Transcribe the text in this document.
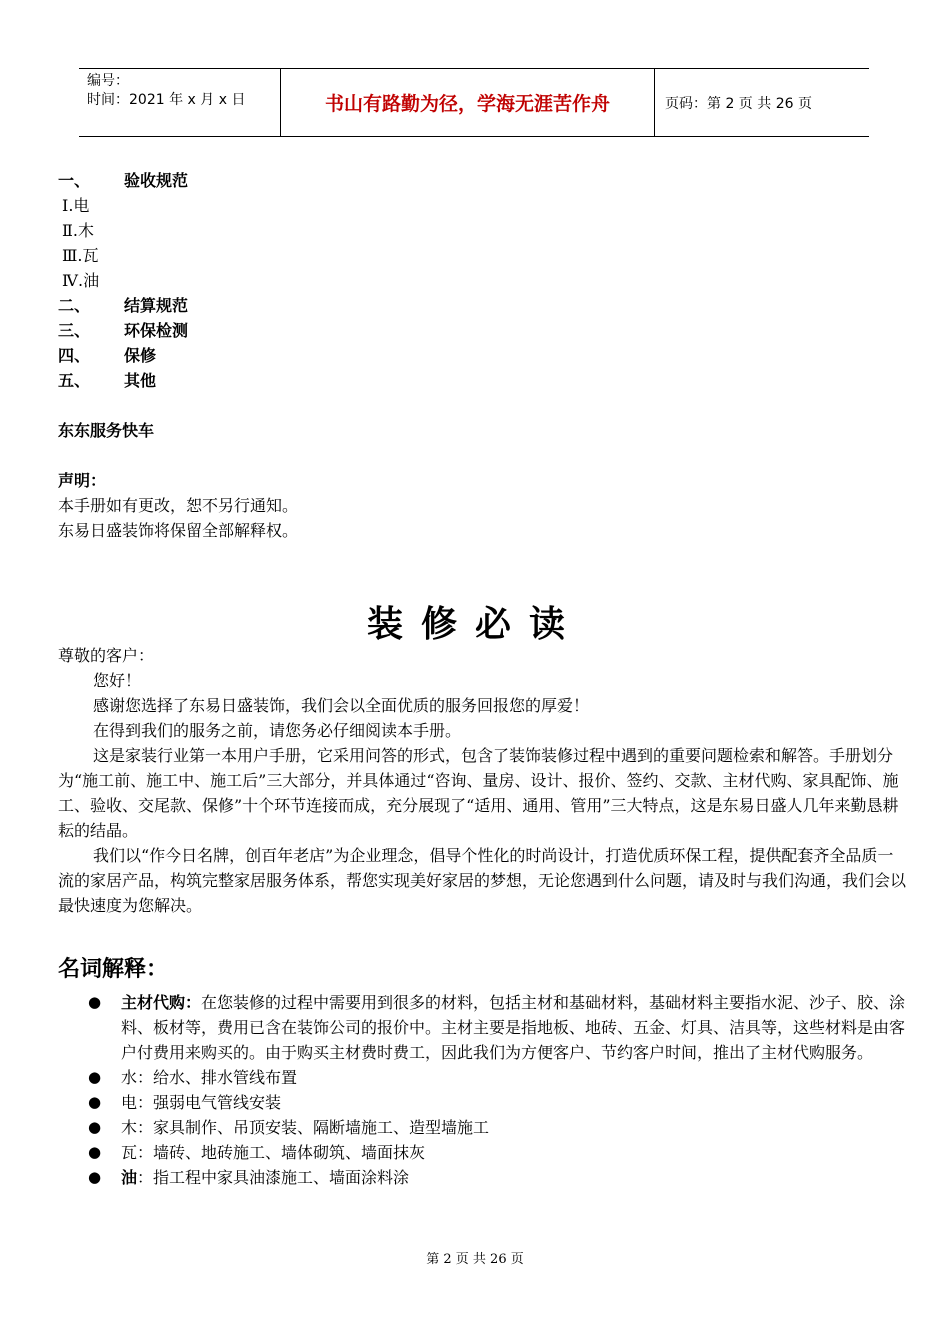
编号：
时间：2021 年 x 月 x 日	书山有路勤为径，学海无涯苦作舟	页码：第 2 页 共 26 页
一、 验收规范
Ⅰ.电
Ⅱ.木
Ⅲ.瓦
Ⅳ.油
二、 结算规范
三、 环保检测
四、 保修
五、 其他
东东服务快车
声明：
本手册如有更改，恕不另行通知。
东易日盛装饰将保留全部解释权。
装修必读

尊敬的客户：

您好！

感谢您选择了东易日盛装饰，我们会以全面优质的服务回报您的厚爱！

在得到我们的服务之前，请您务必仔细阅读本手册。

这是家装行业第一本用户手册，它采用问答的形式，包含了装饰装修过程中遇到的重要问题检索和解答。手册划分为“施工前、施工中、施工后”三大部分，并具体通过“咨询、量房、设计、报价、签约、交款、主材代购、家具配饰、施工、验收、交尾款、保修”十个环节连接而成，充分展现了“适用、通用、管用”三大特点，这是东易日盛人几年来勤恳耕耘的结晶。

我们以“作今日名牌，创百年老店”为企业理念，倡导个性化的时尚设计，打造优质环保工程，提供配套齐全品质一流的家居产品，构筑完整家居服务体系，帮您实现美好家居的梦想，无论您遇到什么问题，请及时与我们沟通，我们会以最快速度为您解决。

名词解释：
●	主材代购：在您装修的过程中需要用到很多的材料，包括主材和基础材料，基础材料主要指水泥、沙子、胶、涂料、板材等，费用已含在装饰公司的报价中。主材主要是指地板、地砖、五金、灯具、洁具等，这些材料是由客户付费用来购买的。由于购买主材费时费工，因此我们为方便客户、节约客户时间，推出了主材代购服务。
●	水：给水、排水管线布置
●	电：强弱电气管线安装
●	木：家具制作、吊顶安装、隔断墙施工、造型墙施工
●	瓦：墙砖、地砖施工、墙体砌筑、墙面抹灰
●	油：指工程中家具油漆施工、墙面涂料涂
第 2 页 共 26 页
